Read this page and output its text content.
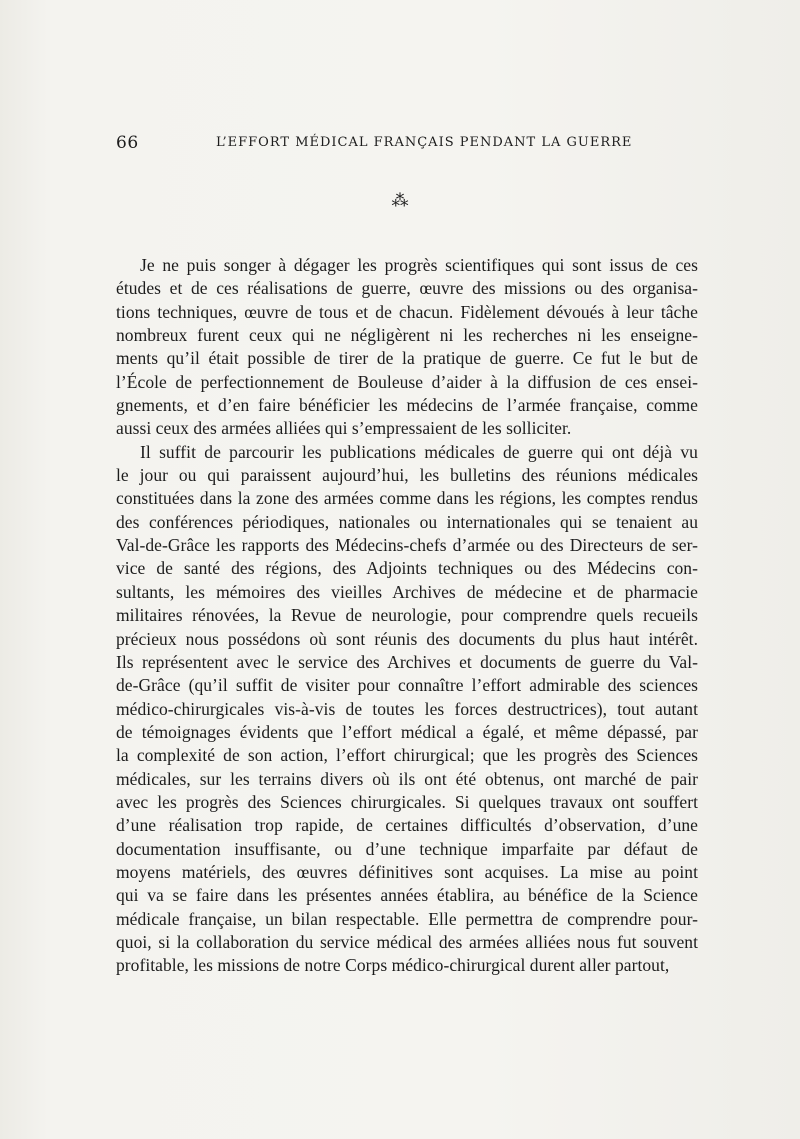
66	L’EFFORT MÉDICAL FRANÇAIS PENDANT LA GUERRE
⁂
Je ne puis songer à dégager les progrès scientifiques qui sont issus de ces
études et de ces réalisations de guerre, œuvre des missions ou des organisa-
tions techniques, œuvre de tous et de chacun. Fidèlement dévoués à leur tâche
nombreux furent ceux qui ne négligèrent ni les recherches ni les enseigne-
ments qu’il était possible de tirer de la pratique de guerre. Ce fut le but de
l’École de perfectionnement de Bouleuse d’aider à la diffusion de ces ensei-
gnements, et d’en faire bénéficier les médecins de l’armée française, comme
aussi ceux des armées alliées qui s’empressaient de les solliciter.
Il suffit de parcourir les publications médicales de guerre qui ont déjà vu
le jour ou qui paraissent aujourd’hui, les bulletins des réunions médicales
constituées dans la zone des armées comme dans les régions, les comptes rendus
des conférences périodiques, nationales ou internationales qui se tenaient au
Val-de-Grâce les rapports des Médecins-chefs d’armée ou des Directeurs de ser-
vice de santé des régions, des Adjoints techniques ou des Médecins con-
sultants, les mémoires des vieilles Archives de médecine et de pharmacie
militaires rénovées, la Revue de neurologie, pour comprendre quels recueils
précieux nous possédons où sont réunis des documents du plus haut intérêt.
Ils représentent avec le service des Archives et documents de guerre du Val-
de-Grâce (qu’il suffit de visiter pour connaître l’effort admirable des sciences
médico-chirurgicales vis-à-vis de toutes les forces destructrices), tout autant
de témoignages évidents que l’effort médical a égalé, et même dépassé, par
la complexité de son action, l’effort chirurgical; que les progrès des Sciences
médicales, sur les terrains divers où ils ont été obtenus, ont marché de pair
avec les progrès des Sciences chirurgicales. Si quelques travaux ont souffert
d’une réalisation trop rapide, de certaines difficultés d’observation, d’une
documentation insuffisante, ou d’une technique imparfaite par défaut de
moyens matériels, des œuvres définitives sont acquises. La mise au point
qui va se faire dans les présentes années établira, au bénéfice de la Science
médicale française, un bilan respectable. Elle permettra de comprendre pour-
quoi, si la collaboration du service médical des armées alliées nous fut souvent
profitable, les missions de notre Corps médico-chirurgical durent aller partout,
